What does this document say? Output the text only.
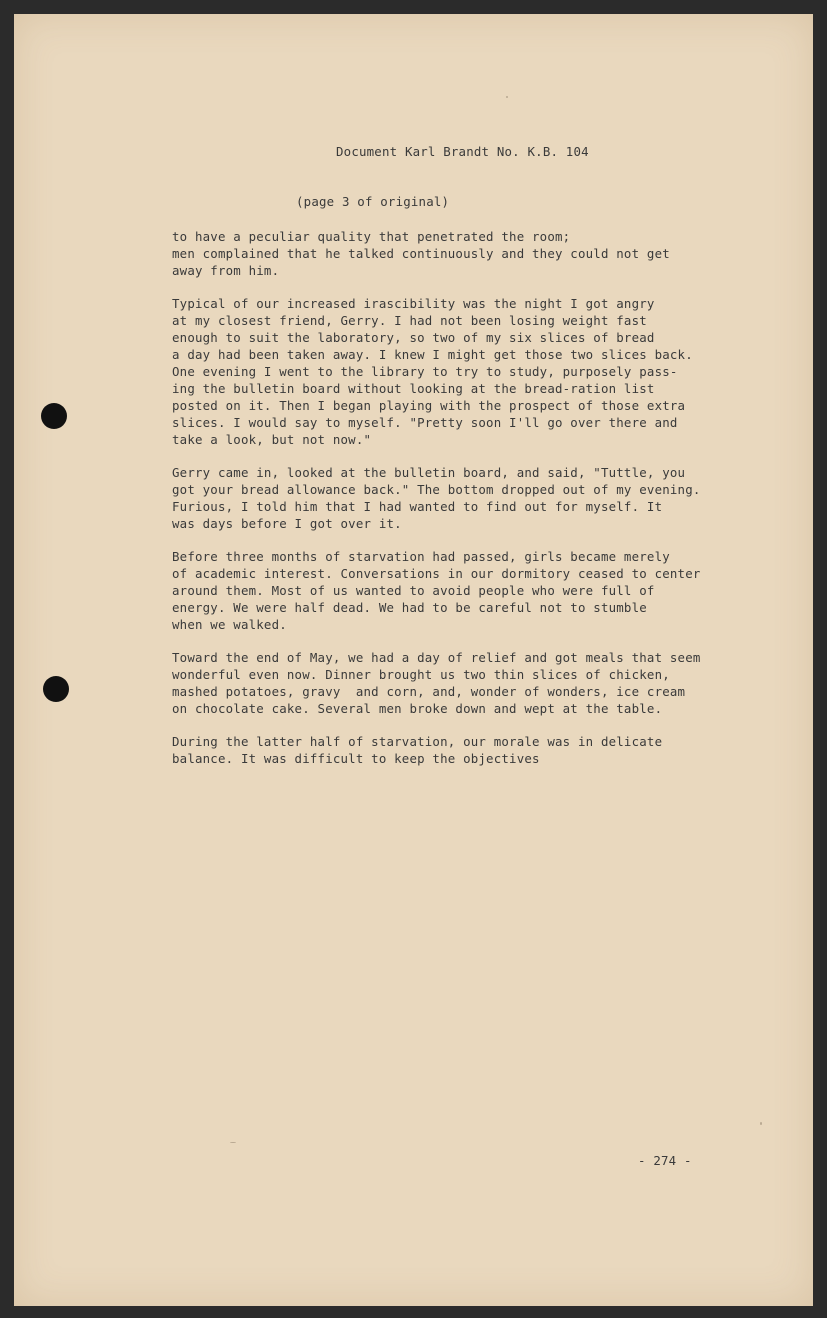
Document Karl Brandt No. K.B. 104
(page 3 of original)
to have a peculiar quality that penetrated the room;
men complained that he talked continuously and they could not get
away from him.
Typical of our increased irascibility was the night I got angry
at my closest friend, Gerry. I had not been losing weight fast
enough to suit the laboratory, so two of my six slices of bread
a day had been taken away. I knew I might get those two slices back.
One evening I went to the library to try to study, purposely pass-
ing the bulletin board without looking at the bread-ration list
posted on it. Then I began playing with the prospect of those extra
slices. I would say to myself. "Pretty soon I'll go over there and
take a look, but not now."
Gerry came in, looked at the bulletin board, and said, "Tuttle, you
got your bread allowance back." The bottom dropped out of my evening.
Furious, I told him that I had wanted to find out for myself. It
was days before I got over it.
Before three months of starvation had passed, girls became merely
of academic interest. Conversations in our dormitory ceased to center
around them. Most of us wanted to avoid people who were full of
energy. We were half dead. We had to be careful not to stumble
when we walked.
Toward the end of May, we had a day of relief and got meals that seem
wonderful even now. Dinner brought us two thin slices of chicken,
mashed potatoes, gravy  and corn, and, wonder of wonders, ice cream
on chocolate cake. Several men broke down and wept at the table.
During the latter half of starvation, our morale was in delicate
balance. It was difficult to keep the objectives
- 274 -
